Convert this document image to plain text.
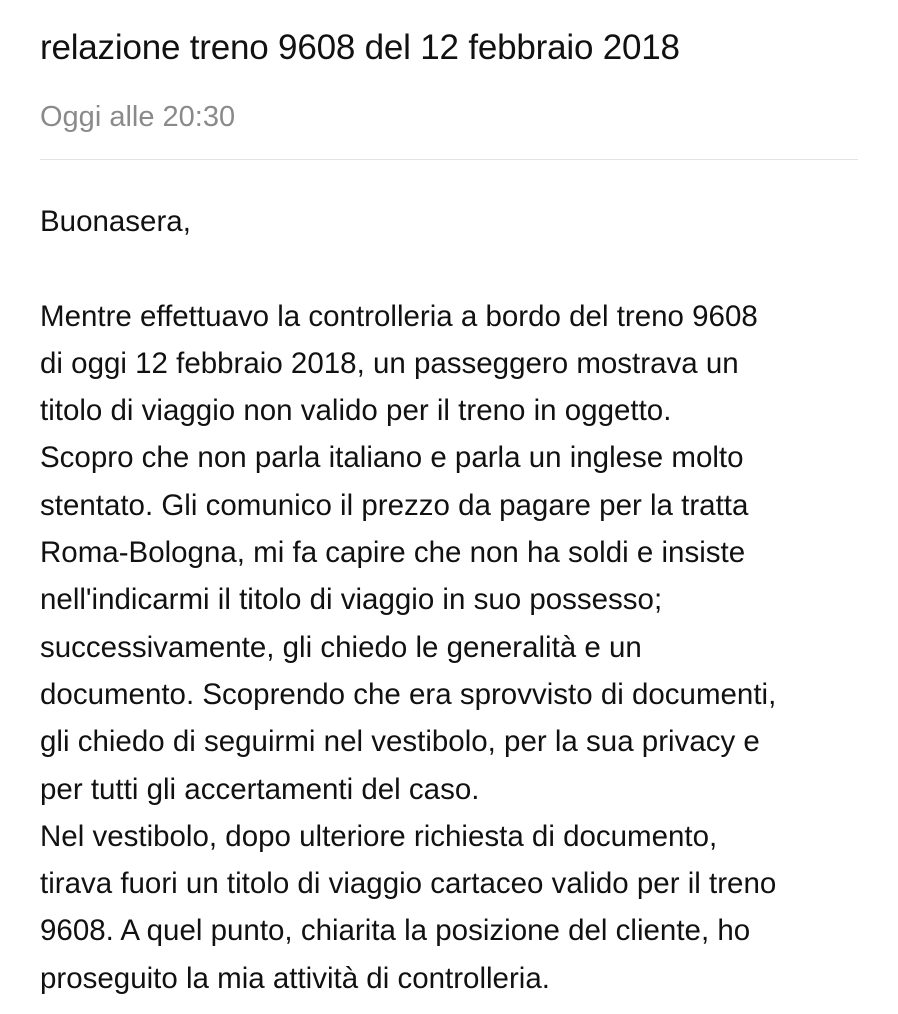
relazione treno 9608 del 12 febbraio 2018
Oggi alle 20:30

Buonasera,

Mentre effettuavo la controlleria a bordo del treno 9608
di oggi 12 febbraio 2018, un passeggero mostrava un
titolo di viaggio non valido per il treno in oggetto.
Scopro che non parla italiano e parla un inglese molto
stentato. Gli comunico il prezzo da pagare per la tratta
Roma-Bologna, mi fa capire che non ha soldi e insiste
nell'indicarmi il titolo di viaggio in suo possesso;
successivamente, gli chiedo le generalità e un
documento. Scoprendo che era sprovvisto di documenti,
gli chiedo di seguirmi nel vestibolo, per la sua privacy e
per tutti gli accertamenti del caso.

Nel vestibolo, dopo ulteriore richiesta di documento,
tirava fuori un titolo di viaggio cartaceo valido per il treno
9608. A quel punto, chiarita la posizione del cliente, ho
proseguito la mia attività di controlleria.
